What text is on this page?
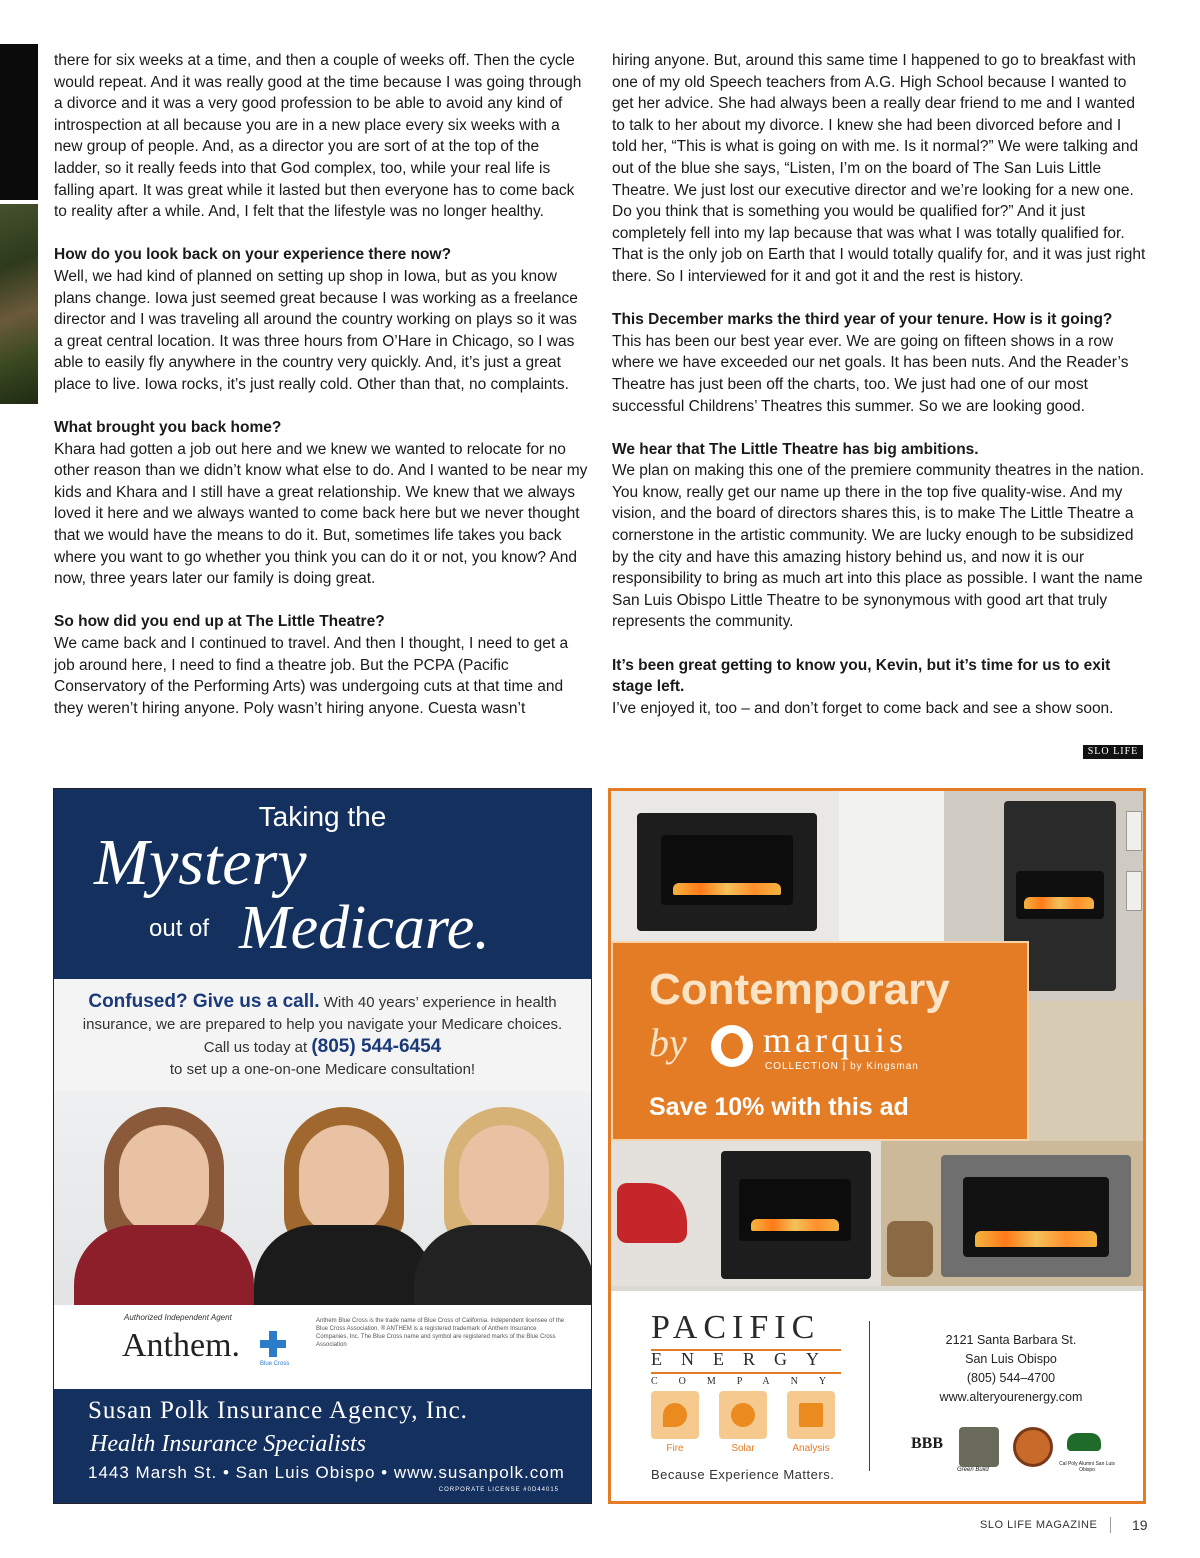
there for six weeks at a time, and then a couple of weeks off. Then the cycle would repeat. And it was really good at the time because I was going through a divorce and it was a very good profession to be able to avoid any kind of introspection at all because you are in a new place every six weeks with a new group of people. And, as a director you are sort of at the top of the ladder, so it really feeds into that God complex, too, while your real life is falling apart. It was great while it lasted but then everyone has to come back to reality after a while. And, I felt that the lifestyle was no longer healthy.

How do you look back on your experience there now?
Well, we had kind of planned on setting up shop in Iowa, but as you know plans change. Iowa just seemed great because I was working as a freelance director and I was traveling all around the country working on plays so it was a great central location. It was three hours from O’Hare in Chicago, so I was able to easily fly anywhere in the country very quickly. And, it’s just a great place to live. Iowa rocks, it’s just really cold. Other than that, no complaints.

What brought you back home?
Khara had gotten a job out here and we knew we wanted to relocate for no other reason than we didn’t know what else to do. And I wanted to be near my kids and Khara and I still have a great relationship. We knew that we always loved it here and we always wanted to come back here but we never thought that we would have the means to do it. But, sometimes life takes you back where you want to go whether you think you can do it or not, you know? And now, three years later our family is doing great.

So how did you end up at The Little Theatre?
We came back and I continued to travel. And then I thought, I need to get a job around here, I need to find a theatre job. But the PCPA (Pacific Conservatory of the Performing Arts) was undergoing cuts at that time and they weren’t hiring anyone. Poly wasn’t hiring anyone. Cuesta wasn’t

hiring anyone. But, around this same time I happened to go to breakfast with one of my old Speech teachers from A.G. High School because I wanted to get her advice. She had always been a really dear friend to me and I wanted to talk to her about my divorce. I knew she had been divorced before and I told her, “This is what is going on with me. Is it normal?” We were talking and out of the blue she says, “Listen, I’m on the board of The San Luis Little Theatre. We just lost our executive director and we’re looking for a new one. Do you think that is something you would be qualified for?” And it just completely fell into my lap because that was what I was totally qualified for. That is the only job on Earth that I would totally qualify for, and it was just right there. So I interviewed for it and got it and the rest is history.

This December marks the third year of your tenure. How is it going?
This has been our best year ever. We are going on fifteen shows in a row where we have exceeded our net goals. It has been nuts. And the Reader’s Theatre has just been off the charts, too. We just had one of our most successful Childrens’ Theatres this summer. So we are looking good.

We hear that The Little Theatre has big ambitions.
We plan on making this one of the premiere community theatres in the nation. You know, really get our name up there in the top five quality-wise. And my vision, and the board of directors shares this, is to make The Little Theatre a cornerstone in the artistic community. We are lucky enough to be subsidized by the city and have this amazing history behind us, and now it is our responsibility to bring as much art into this place as possible. I want the name San Luis Obispo Little Theatre to be synonymous with good art that truly represents the community.

It’s been great getting to know you, Kevin, but it’s time for us to exit stage left.
I’ve enjoyed it, too – and don’t forget to come back and see a show soon.

SLO LIFE
Taking the
Mystery
out of Medicare.
Confused? Give us a call. With 40 years’ experience in health insurance, we are prepared to help you navigate your Medicare choices.
Call us today at (805) 544-6454
to set up a one-on-one Medicare consultation!
Authorized Independent Agent
Anthem.	Blue Cross
Anthem Blue Cross is the trade name of Blue Cross of California. Independent licensee of the Blue Cross Association. ® ANTHEM is a registered trademark of Anthem Insurance Companies, Inc. The Blue Cross name and symbol are registered marks of the Blue Cross Association
Susan Polk Insurance Agency, Inc.
Health Insurance Specialists
1443 Marsh St. • San Luis Obispo • www.susanpolk.com
CORPORATE LICENSE #0D44015
Contemporary
by marquis
COLLECTION | by Kingsman
Save 10% with this ad
PACIFIC
ENERGY
COMPANY
Fire	Solar	Analysis
Because Experience Matters.
2121 Santa Barbara St.
San Luis Obispo
(805) 544–4700
www.alteryourenergy.com
BBB
Green Build
Cal Poly Alumni San Luis Obispo
SLO LIFE MAGAZINE 19
